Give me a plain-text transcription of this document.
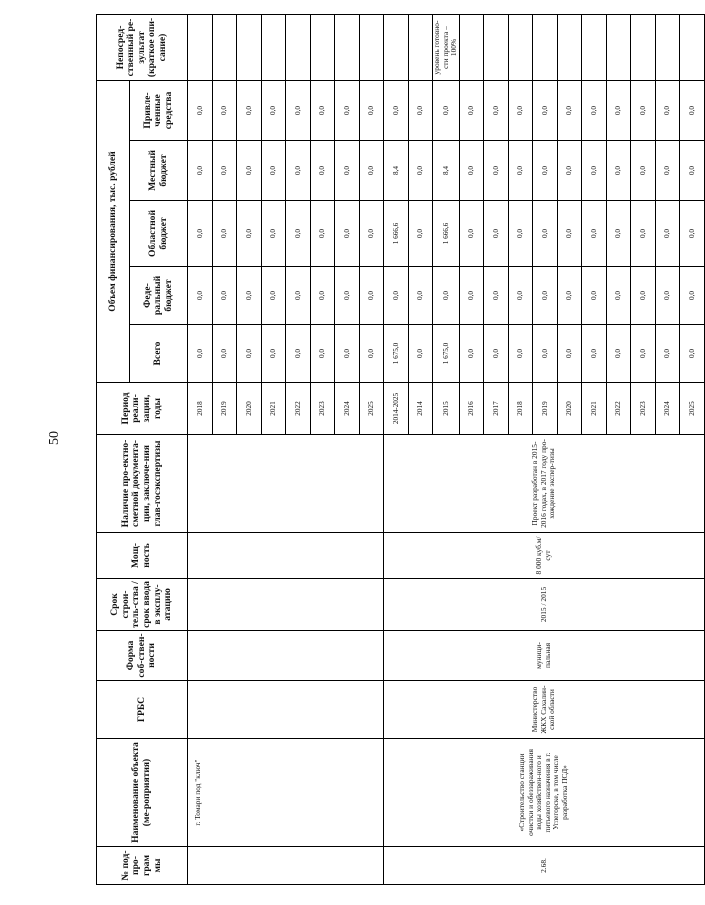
50
№ под-про-грам мы	Наименование объекта (ме-роприятия)	ГРБС	Форма соб-ствен-ности	Срок строи-тель-ства / срок ввода в эксплу-атацию	Мощ-ность	Наличие про-ектно-сметной документа-ции, заключе-ния глав-госэкспертизы	Период реали-зации, годы	Объем финансирования, тыс. рублей					Непосред-ственный ре-зультат (краткое опи-сание)
								Всего	Феде-ральный бюджет	Областной бюджет	Местный бюджет	Привле-ченные средства	
	г. Томари под "ключ"						2018	0,0	0,0	0,0	0,0	0,0	
							2019	0,0	0,0	0,0	0,0	0,0	
							2020	0,0	0,0	0,0	0,0	0,0	
							2021	0,0	0,0	0,0	0,0	0,0	
							2022	0,0	0,0	0,0	0,0	0,0	
							2023	0,0	0,0	0,0	0,0	0,0	
							2024	0,0	0,0	0,0	0,0	0,0	
							2025	0,0	0,0	0,0	0,0	0,0	
2.68.	«Строительство станции очистки и обеззараживания воды хозяйствен-ного и питьевого назначения в г. Углегорске, в том числе разработка ПСД»	Министерство ЖКХ Сахалин-ской области	муници-пальная	2015 / 2015	8 000 куб.м/сут	Проект разработан в 2015-2016 годах, в 2017 году про-хождение экспер-тизы	2014-2025	1 675,0	0,0	1 666,6	8,4	0,0	
							2014	0,0	0,0	0,0	0,0	0,0	
							2015	1 675,0	0,0	1 666,6	8,4	0,0	уровень готовно-сти проекта – 100%
							2016	0,0	0,0	0,0	0,0	0,0	
							2017	0,0	0,0	0,0	0,0	0,0	
							2018	0,0	0,0	0,0	0,0	0,0	
							2019	0,0	0,0	0,0	0,0	0,0	
							2020	0,0	0,0	0,0	0,0	0,0	
							2021	0,0	0,0	0,0	0,0	0,0	
							2022	0,0	0,0	0,0	0,0	0,0	
							2023	0,0	0,0	0,0	0,0	0,0	
							2024	0,0	0,0	0,0	0,0	0,0	
							2025	0,0	0,0	0,0	0,0	0,0	
